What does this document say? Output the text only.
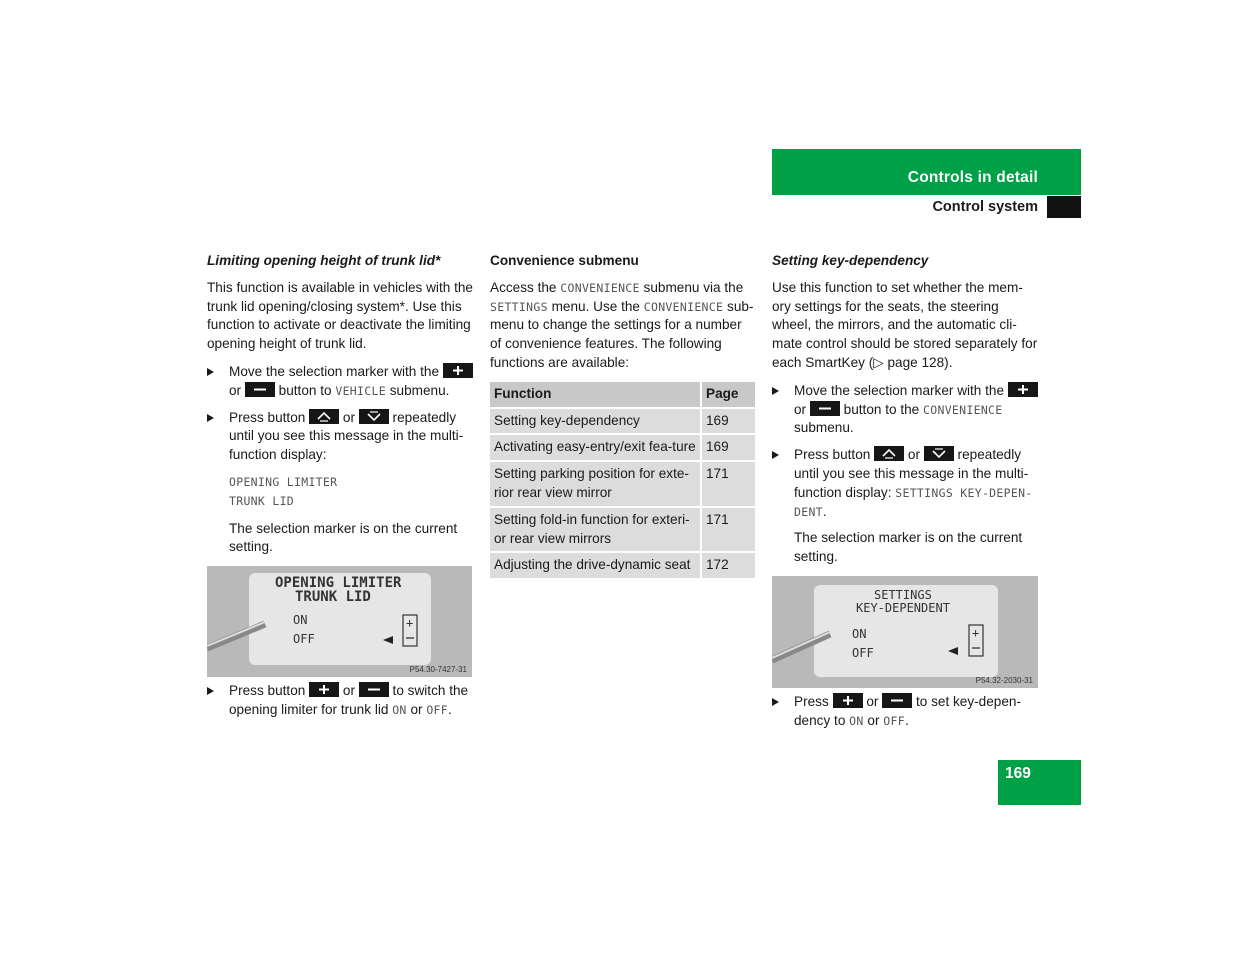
Controls in detail
Control system
Limiting opening height of trunk lid*

This function is available in vehicles with the trunk lid opening/closing system*. Use this function to activate or deactivate the limiting opening height of trunk lid.

Move the selection marker with the
or	button to VEHICLE submenu.
Press button	or	repeatedly until you see this message in the multi-function display:
OPENING LIMITER
TRUNK LID

The selection marker is on the current setting.

+
OPENING LIMITER
TRUNK LID
ON
OFF
P54.30-7427-31
Press button	or	to switch the opening limiter for trunk lid ON or OFF.
Convenience submenu

Access the CONVENIENCE submenu via the SETTINGS menu. Use the CONVENIENCE sub-menu to change the settings for a number of convenience features. The following functions are available:

Function	Page
Setting key-dependency	169
Activating easy-entry/exit fea-ture	169
Setting parking position for exte-rior rear view mirror	171
Setting fold-in function for exteri-or rear view mirrors	171
Adjusting the drive-dynamic seat	172
Setting key-dependency

Use this function to set whether the mem-ory settings for the seats, the steering wheel, the mirrors, and the automatic cli-mate control should be stored separately for each SmartKey (▷ page 128).

Move the selection marker with the
or	button to the CONVENIENCE submenu.
Press button	or	repeatedly until you see this message in the multi-function display: SETTINGS KEY-DEPEN-DENT.

The selection marker is on the current setting.

+
SETTINGS
KEY-DEPENDENT
ON
OFF
P54.32-2030-31
Press	or	to set key-depen-dency to ON or OFF.
169
